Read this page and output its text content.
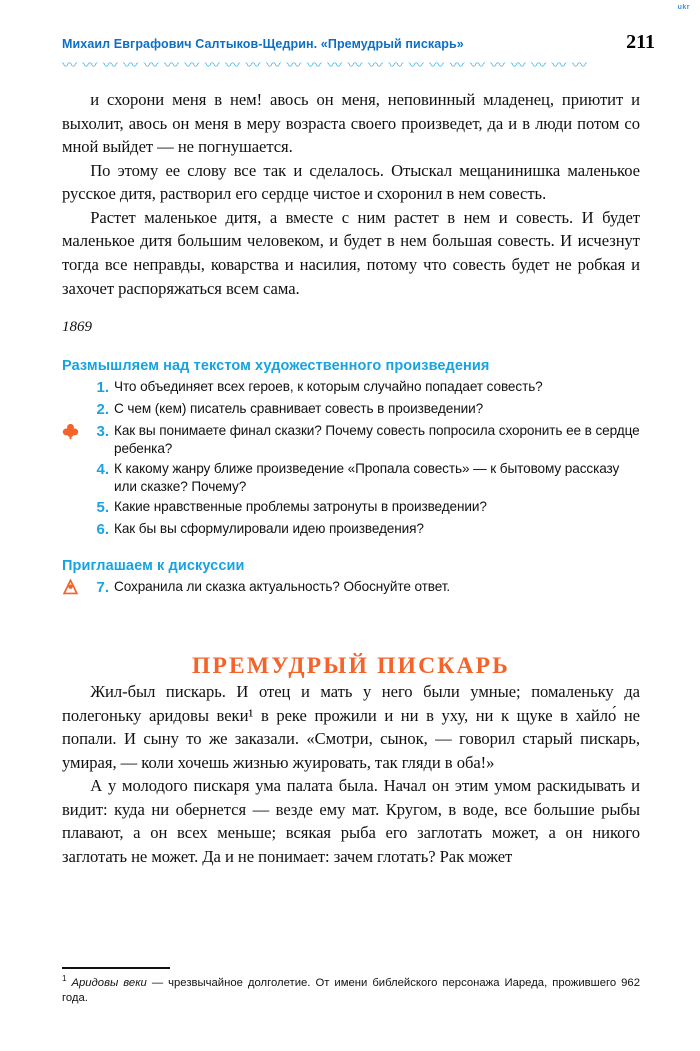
ukr
Михаил Евграфович Салтыков-Щедрин. «Премудрый пискарь»	211
〰 〰 〰 〰 〰 〰 〰 〰 〰 〰 〰 〰 〰 〰 〰 〰 〰 〰 〰 〰 〰 〰 〰 〰 〰 〰 

и схорони меня в нем! авось он меня, неповинный младенец, приютит и выхолит, авось он меня в меру возраста своего произведет, да и в люди потом со мной выйдет — не погнушается.

По этому ее слову все так и сделалось. Отыскал мещанинишка маленькое русское дитя, растворил его сердце чистое и схоронил в нем совесть.

Растет маленькое дитя, а вместе с ним растет в нем и совесть. И будет маленькое дитя большим человеком, и будет в нем большая совесть. И исчезнут тогда все неправды, коварства и насилия, потому что совесть будет не робкая и захочет распоряжаться всем сама.

1869
Размышляем над текстом художественного произведения
1. Что объединяет всех героев, к которым случайно попадает совесть?
2. С чем (кем) писатель сравнивает совесть в произведении?
3. Как вы понимаете финал сказки? Почему совесть попросила схоронить ее в сердце ребенка?
4. К какому жанру ближе произведение «Пропала совесть» — к бытовому рассказу или сказке? Почему?
5. Какие нравственные проблемы затронуты в произведении?
6. Как бы вы сформулировали идею произведения?
Приглашаем к дискуссии
7. Сохранила ли сказка актуальность? Обоснуйте ответ.
ПРЕМУДРЫЙ ПИСКАРЬ

Жил-был пискарь. И отец и мать у него были умные; помаленьку да полегоньку аридовы веки¹ в реке прожили и ни в уху, ни к щуке в хайло́ не попали. И сыну то же заказали. «Смотри, сынок, — говорил старый пискарь, умирая, — коли хочешь жизнью жуировать, так гляди в оба!»

А у молодого пискаря ума палата была. Начал он этим умом раскидывать и видит: куда ни обернется — везде ему мат. Кругом, в воде, все большие рыбы плавают, а он всех меньше; всякая рыба его заглотать может, а он никого заглотать не может. Да и не понимает: зачем глотать? Рак может

$^1$ Аридовы веки — чрезвычайное долголетие. От имени библейского персонажа Иареда, прожившего 962 года.
